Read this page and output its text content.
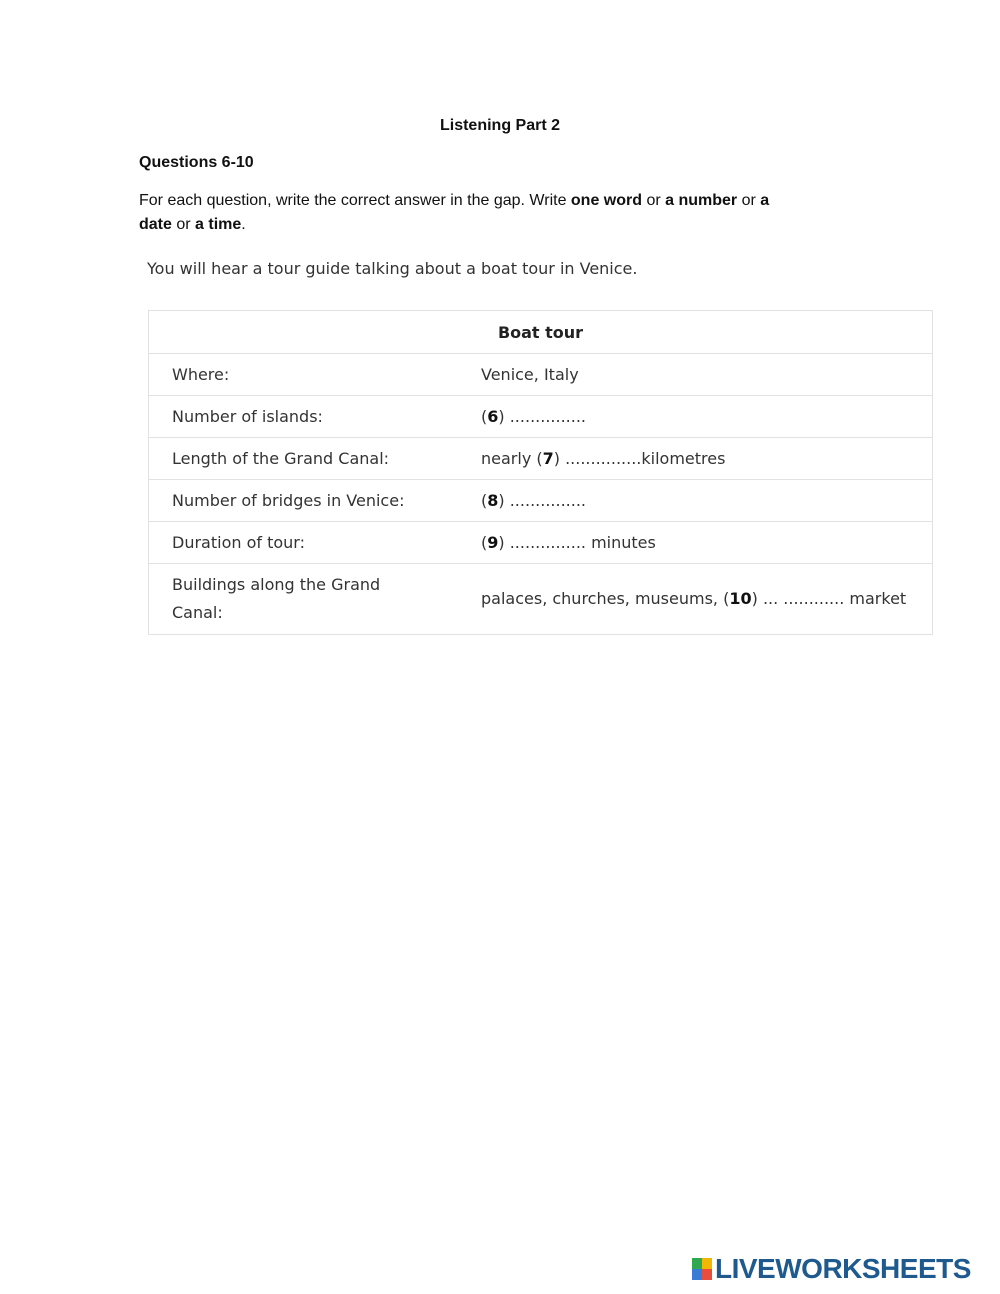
Listening Part 2
Questions 6-10
For each question, write the correct answer in the gap. Write one word or a number or a
date or a time.
You will hear a tour guide talking about a boat tour in Venice.
Boat tour	
Where:	Venice, Italy
Number of islands:	(6) ...............
Length of the Grand Canal:	nearly (7) ...............kilometres
Number of bridges in Venice:	(8) ...............
Duration of tour:	(9) ............... minutes
Buildings along the Grand
Canal:	palaces, churches, museums, (10) ... ............ market
LIVEWORKSHEETS
